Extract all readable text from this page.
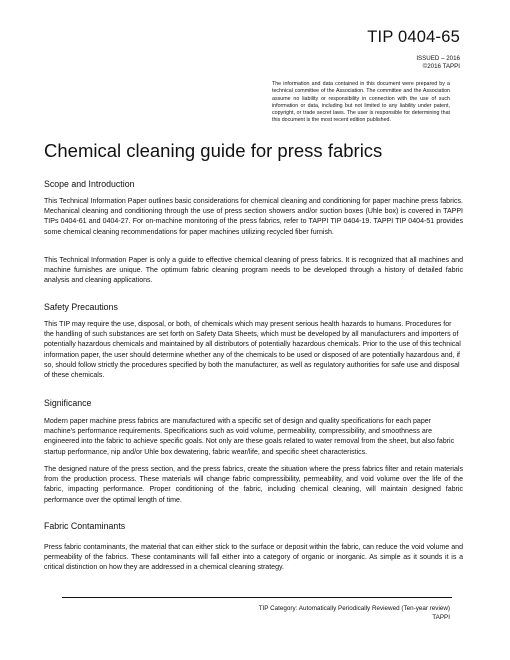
TIP 0404-65
ISSUED – 2016
©2016 TAPPI
The information and data contained in this document were prepared by a technical committee of the Association. The committee and the Association assume no liability or responsibility in connection with the use of such information or data, including but not limited to any liability under patent, copyright, or trade secret laws. The user is responsible for determining that this document is the most recent edition published.
Chemical cleaning guide for press fabrics
Scope and Introduction

This Technical Information Paper outlines basic considerations for chemical cleaning and conditioning for paper machine press fabrics. Mechanical cleaning and conditioning through the use of press section showers and/or suction boxes (Uhle box) is covered in TAPPI TIPs 0404-61 and 0404-27. For on-machine monitoring of the press fabrics, refer to TAPPI TIP 0404-19. TAPPI TIP 0404-51 provides some chemical cleaning recommendations for paper machines utilizing recycled fiber furnish.

This Technical Information Paper is only a guide to effective chemical cleaning of press fabrics. It is recognized that all machines and machine furnishes are unique. The optimum fabric cleaning program needs to be developed through a history of detailed fabric analysis and cleaning applications.

Safety Precautions

This TIP may require the use, disposal, or both, of chemicals which may present serious health hazards to humans. Procedures for the handling of such substances are set forth on Safety Data Sheets, which must be developed by all manufacturers and importers of potentially hazardous chemicals and maintained by all distributors of potentially hazardous chemicals. Prior to the use of this technical information paper, the user should determine whether any of the chemicals to be used or disposed of are potentially hazardous and, if so, should follow strictly the procedures specified by both the manufacturer, as well as regulatory authorities for safe use and disposal of these chemicals.

Significance

Modern paper machine press fabrics are manufactured with a specific set of design and quality specifications for each paper machine's performance requirements. Specifications such as void volume, permeability, compressibility, and smoothness are engineered into the fabric to achieve specific goals. Not only are these goals related to water removal from the sheet, but also fabric startup performance, nip and/or Uhle box dewatering, fabric wear/life, and specific sheet characteristics.

The designed nature of the press section, and the press fabrics, create the situation where the press fabrics filter and retain materials from the production process. These materials will change fabric compressibility, permeability, and void volume over the life of the fabric, impacting performance. Proper conditioning of the fabric, including chemical cleaning, will maintain designed fabric performance over the optimal length of time.

Fabric Contaminants

Press fabric contaminants, the material that can either stick to the surface or deposit within the fabric, can reduce the void volume and permeability of the fabrics. These contaminants will fall either into a category of organic or inorganic. As simple as it sounds it is a critical distinction on how they are addressed in a chemical cleaning strategy.

TIP Category: Automatically Periodically Reviewed (Ten-year review)
TAPPI
